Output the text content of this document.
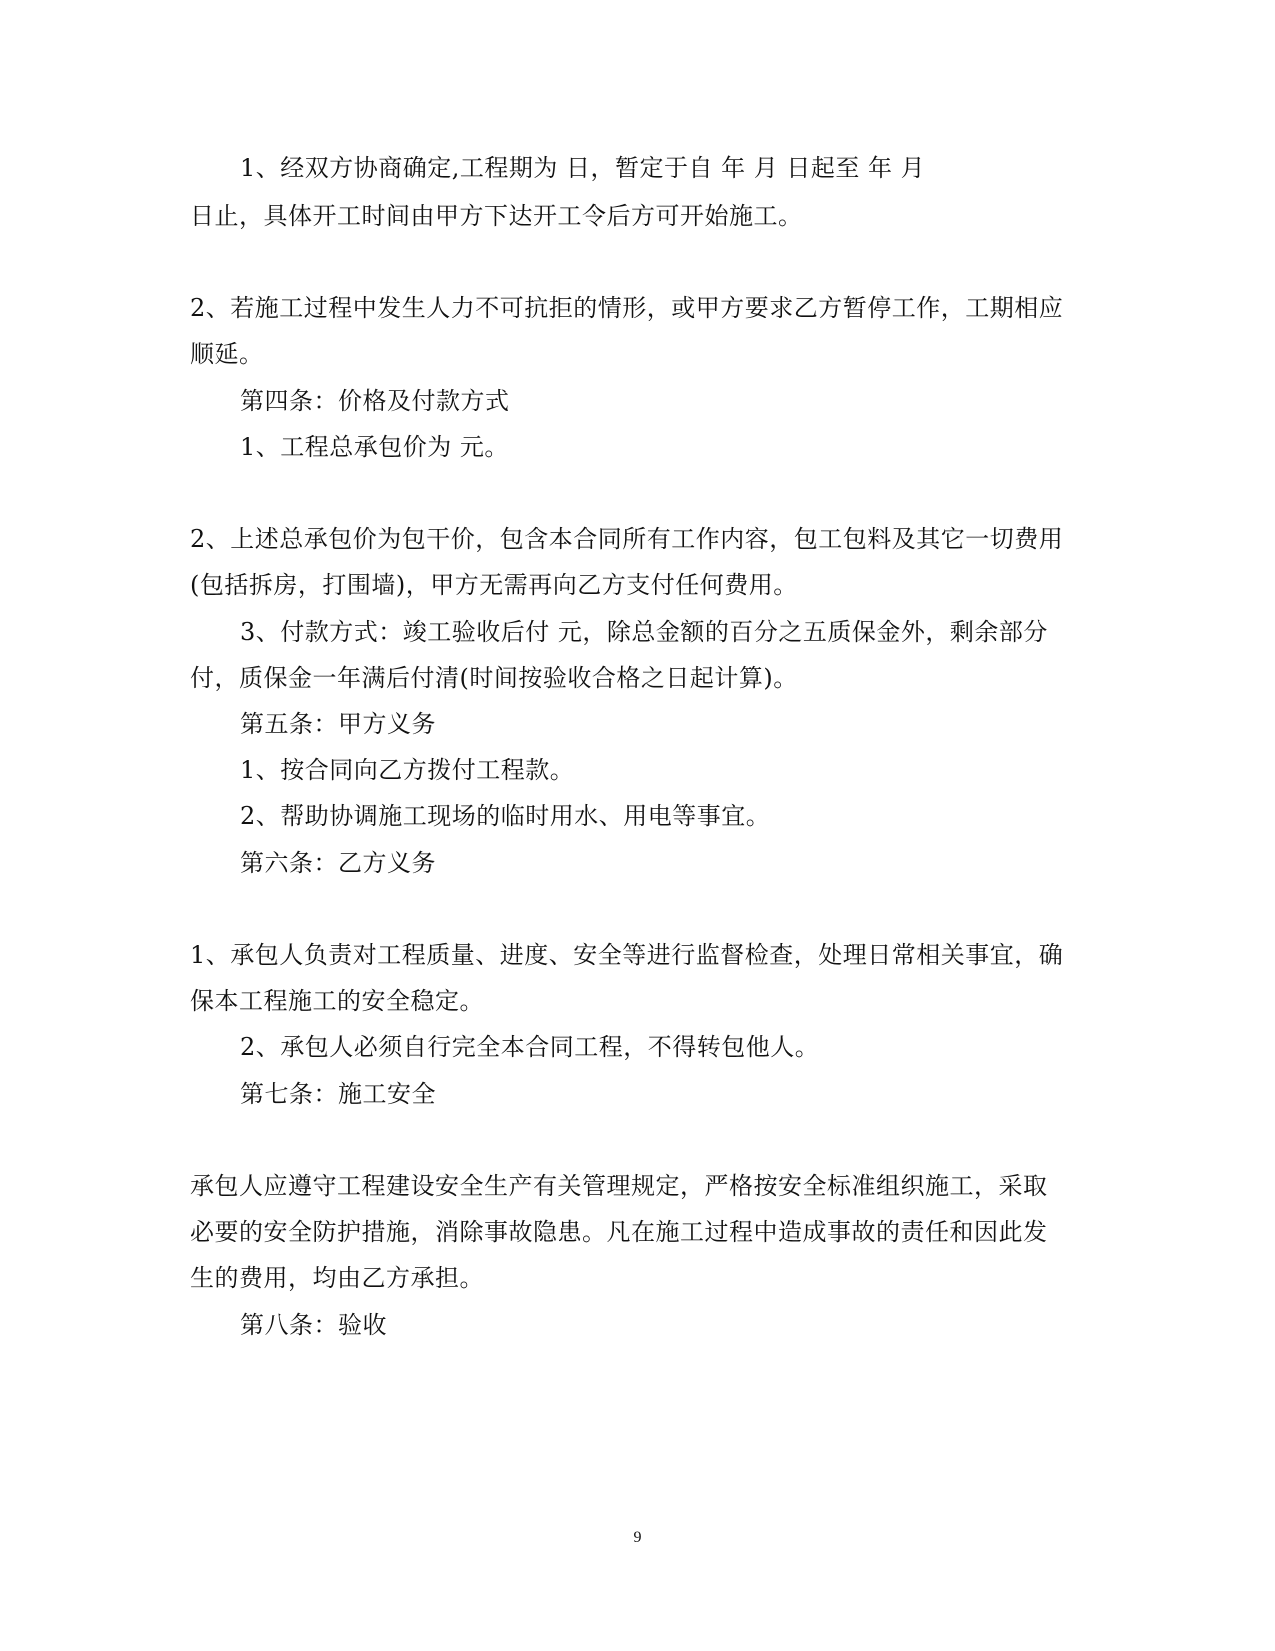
1、经双方协商确定,工程期为 日，暂定于自 年 月 日起至 年 月
日止，具体开工时间由甲方下达开工令后方可开始施工。
2、若施工过程中发生人力不可抗拒的情形，或甲方要求乙方暂停工作，工期相应
顺延。
第四条：价格及付款方式
1、工程总承包价为 元。
2、上述总承包价为包干价，包含本合同所有工作内容，包工包料及其它一切费用
(包括拆房，打围墙)，甲方无需再向乙方支付任何费用。
3、付款方式：竣工验收后付 元，除总金额的百分之五质保金外，剩余部分
付，质保金一年满后付清(时间按验收合格之日起计算)。
第五条：甲方义务
1、按合同向乙方拨付工程款。
2、帮助协调施工现场的临时用水、用电等事宜。
第六条：乙方义务
1、承包人负责对工程质量、进度、安全等进行监督检查，处理日常相关事宜，确
保本工程施工的安全稳定。
2、承包人必须自行完全本合同工程，不得转包他人。
第七条：施工安全
承包人应遵守工程建设安全生产有关管理规定，严格按安全标准组织施工，采取
必要的安全防护措施，消除事故隐患。凡在施工过程中造成事故的责任和因此发
生的费用，均由乙方承担。
第八条：验收
9
